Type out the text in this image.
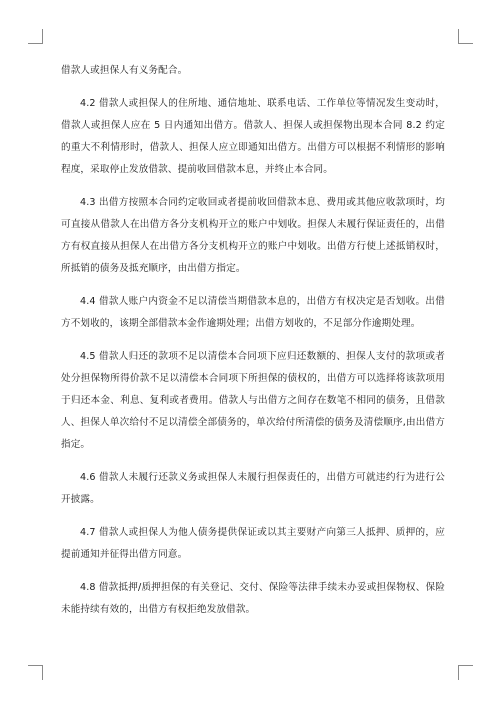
借款人或担保人有义务配合。

4.2 借款人或担保人的住所地、通信地址、联系电话、工作单位等情况发生变动时，借款人或担保人应在 5 日内通知出借方。借款人、担保人或担保物出现本合同 8.2 约定的重大不利情形时，借款人、担保人应立即通知出借方。出借方可以根据不利情形的影响程度，采取停止发放借款、提前收回借款本息，并终止本合同。

4.3 出借方按照本合同约定收回或者提前收回借款本息、费用或其他应收款项时，均可直接从借款人在出借方各分支机构开立的账户中划收。担保人未履行保证责任的，出借方有权直接从担保人在出借方各分支机构开立的账户中划收。出借方行使上述抵销权时，所抵销的债务及抵充顺序，由出借方指定。

4.4 借款人账户内资金不足以清偿当期借款本息的，出借方有权决定是否划收。出借方不划收的，该期全部借款本金作逾期处理；出借方划收的，不足部分作逾期处理。

4.5 借款人归还的款项不足以清偿本合同项下应归还数额的、担保人支付的款项或者处分担保物所得价款不足以清偿本合同项下所担保的债权的，出借方可以选择将该款项用于归还本金、利息、复利或者费用。借款人与出借方之间存在数笔不相同的债务，且借款人、担保人单次给付不足以清偿全部债务的，单次给付所清偿的债务及清偿顺序,由出借方指定。

4.6 借款人未履行还款义务或担保人未履行担保责任的，出借方可就违约行为进行公开披露。

4.7 借款人或担保人为他人债务提供保证或以其主要财产向第三人抵押、质押的，应提前通知并征得出借方同意。

4.8 借款抵押/质押担保的有关登记、交付、保险等法律手续未办妥或担保物权、保险未能持续有效的，出借方有权拒绝发放借款。
